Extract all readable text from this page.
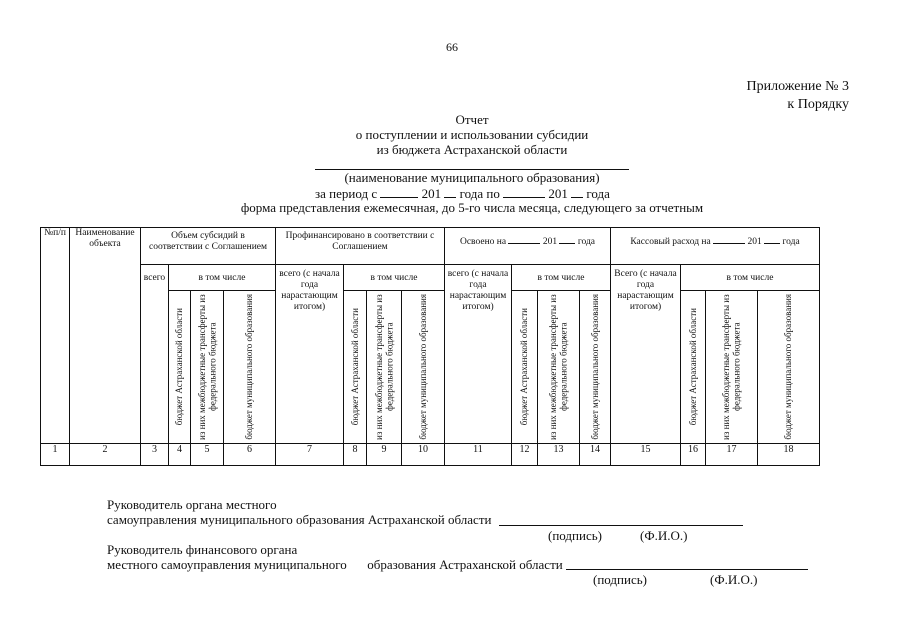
66
Приложение № 3
к Порядку
Отчет
о поступлении и использовании субсидии
из бюджета Астраханской области
(наименование муниципального образования)
за период с	201 года по	201 года
форма представления ежемесячная, до 5-го числа месяца, следующего за отчетным
№п/п	Наименование объекта	Объем субсидий в соответствии с Соглашением				Профинансировано в соответствии с Соглашением				Освоено на 201 года				Кассовый расход на 201 года			
		всего	в том числе			всего (с начала года нарастающим итогом)	в том числе			всего (с начала года нарастающим итогом)	в том числе			Всего (с начала года нарастающим итогом)	в том числе		

			бюджет Астраханской области	из них межбюджетные трансферты из федерального бюджета	бюджет муниципального образования		бюджет Астраханской области	из них межбюджетные трансферты из федерального бюджета	бюджет муниципального образования		бюджет Астраханской области	из них межбюджетные трансферты из федерального бюджета	бюджет муниципального образования		бюджет Астраханской области	из них межбюджетные трансферты из федерального бюджета	бюджет муниципального образования

1	2	3	4	5	6	7	8	9	10	11	12	13	14	15	16	17	18
Руководитель органа местного
самоуправления муниципального образования Астраханской области
(подпись)	(Ф.И.О.)
Руководитель финансового органа
местного самоуправления муниципального образования Астраханской области
(подпись)	(Ф.И.О.)
